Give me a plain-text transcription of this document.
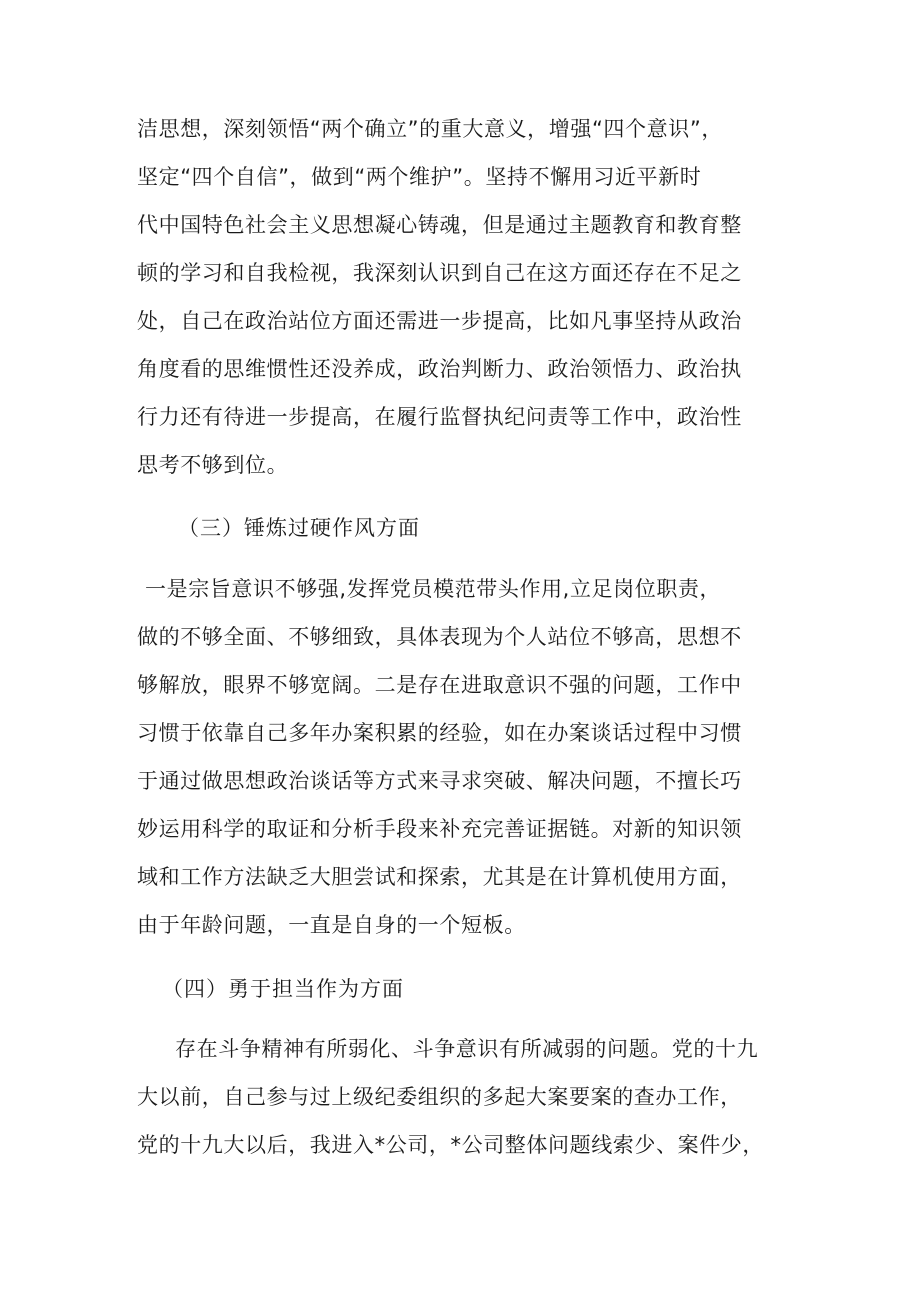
洁思想，深刻领悟“两个确立”的重大意义，增强“四个意识”，
坚定“四个自信”，做到“两个维护”。坚持不懈用习近平新时
代中国特色社会主义思想凝心铸魂，但是通过主题教育和教育整
顿的学习和自我检视，我深刻认识到自己在这方面还存在不足之
处，自己在政治站位方面还需进一步提高，比如凡事坚持从政治
角度看的思维惯性还没养成，政治判断力、政治领悟力、政治执
行力还有待进一步提高，在履行监督执纪问责等工作中，政治性
思考不够到位。
（三）锤炼过硬作风方面
一是宗旨意识不够强,发挥党员模范带头作用,立足岗位职责，
做的不够全面、不够细致，具体表现为个人站位不够高，思想不
够解放，眼界不够宽阔。二是存在进取意识不强的问题，工作中
习惯于依靠自己多年办案积累的经验，如在办案谈话过程中习惯
于通过做思想政治谈话等方式来寻求突破、解决问题，不擅长巧
妙运用科学的取证和分析手段来补充完善证据链。对新的知识领
域和工作方法缺乏大胆尝试和探索，尤其是在计算机使用方面，
由于年龄问题，一直是自身的一个短板。
（四）勇于担当作为方面
存在斗争精神有所弱化、斗争意识有所减弱的问题。党的十九
大以前，自己参与过上级纪委组织的多起大案要案的查办工作，
党的十九大以后，我进入*公司，*公司整体问题线索少、案件少，
